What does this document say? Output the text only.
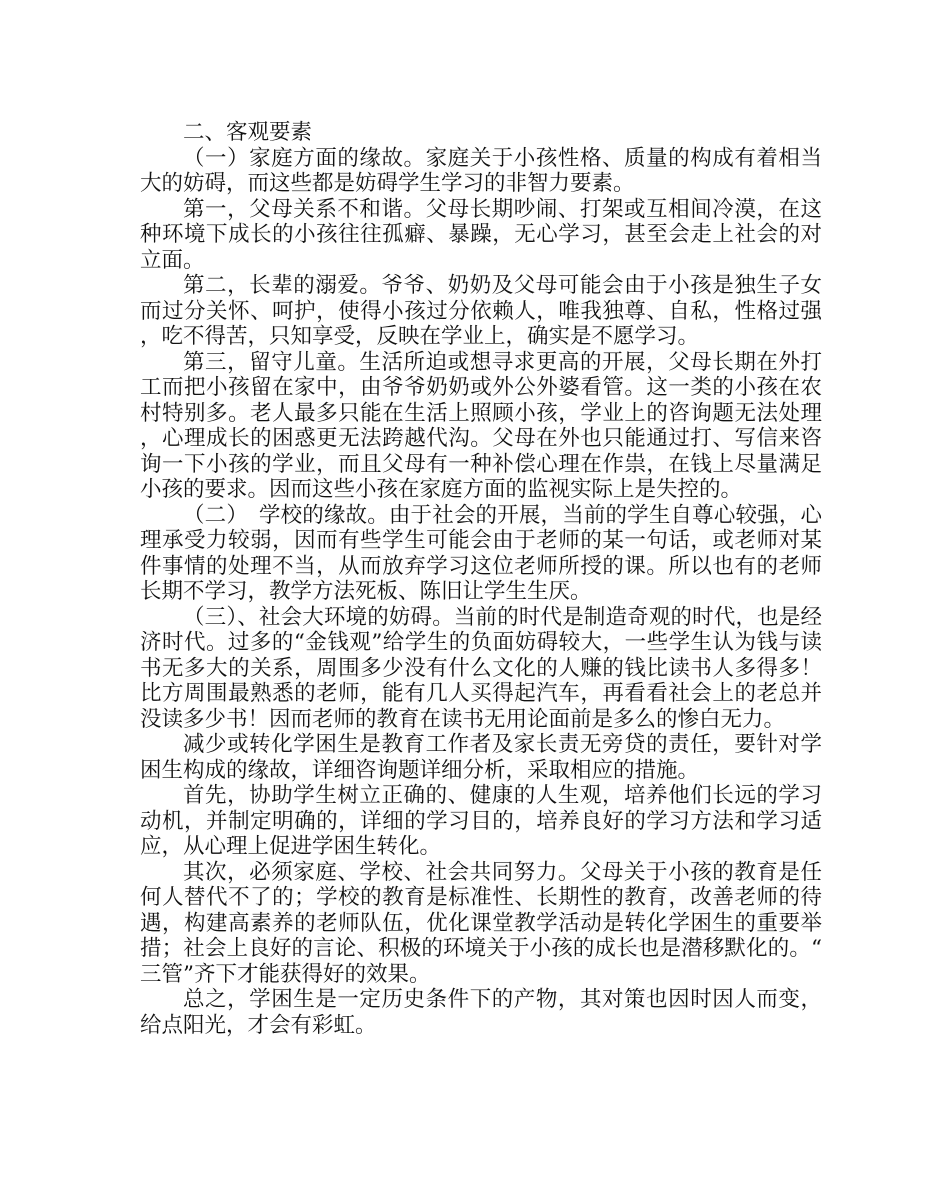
二、客观要素

（一）家庭方面的缘故。家庭关于小孩性格、质量的构成有着相当大的妨碍，而这些都是妨碍学生学习的非智力要素。

第一，父母关系不和谐。父母长期吵闹、打架或互相间冷漠，在这种环境下成长的小孩往往孤癖、暴躁，无心学习，甚至会走上社会的对立面。

第二，长辈的溺爱。爷爷、奶奶及父母可能会由于小孩是独生子女而过分关怀、呵护，使得小孩过分依赖人，唯我独尊、自私，性格过强，吃不得苦，只知享受，反映在学业上，确实是不愿学习。

第三，留守儿童。生活所迫或想寻求更高的开展，父母长期在外打工而把小孩留在家中，由爷爷奶奶或外公外婆看管。这一类的小孩在农村特别多。老人最多只能在生活上照顾小孩，学业上的咨询题无法处理，心理成长的困惑更无法跨越代沟。父母在外也只能通过打、写信来咨询一下小孩的学业，而且父母有一种补偿心理在作祟，在钱上尽量满足小孩的要求。因而这些小孩在家庭方面的监视实际上是失控的。

（二）　学校的缘故。由于社会的开展，当前的学生自尊心较强，心理承受力较弱，因而有些学生可能会由于老师的某一句话，或老师对某件事情的处理不当，从而放弃学习这位老师所授的课。所以也有的老师长期不学习，教学方法死板、陈旧让学生生厌。

（三）、社会大环境的妨碍。当前的时代是制造奇观的时代，也是经济时代。过多的“金钱观”给学生的负面妨碍较大，一些学生认为钱与读书无多大的关系，周围多少没有什么文化的人赚的钱比读书人多得多！比方周围最熟悉的老师，能有几人买得起汽车，再看看社会上的老总并没读多少书！因而老师的教育在读书无用论面前是多么的惨白无力。

减少或转化学困生是教育工作者及家长责无旁贷的责任，要针对学困生构成的缘故，详细咨询题详细分析，采取相应的措施。

首先，协助学生树立正确的、健康的人生观，培养他们长远的学习动机，并制定明确的，详细的学习目的，培养良好的学习方法和学习适应，从心理上促进学困生转化。

其次，必须家庭、学校、社会共同努力。父母关于小孩的教育是任何人替代不了的；学校的教育是标准性、长期性的教育，改善老师的待遇，构建高素养的老师队伍，优化课堂教学活动是转化学困生的重要举措；社会上良好的言论、积极的环境关于小孩的成长也是潜移默化的。“三管”齐下才能获得好的效果。

总之，学困生是一定历史条件下的产物，其对策也因时因人而变，给点阳光，才会有彩虹。
